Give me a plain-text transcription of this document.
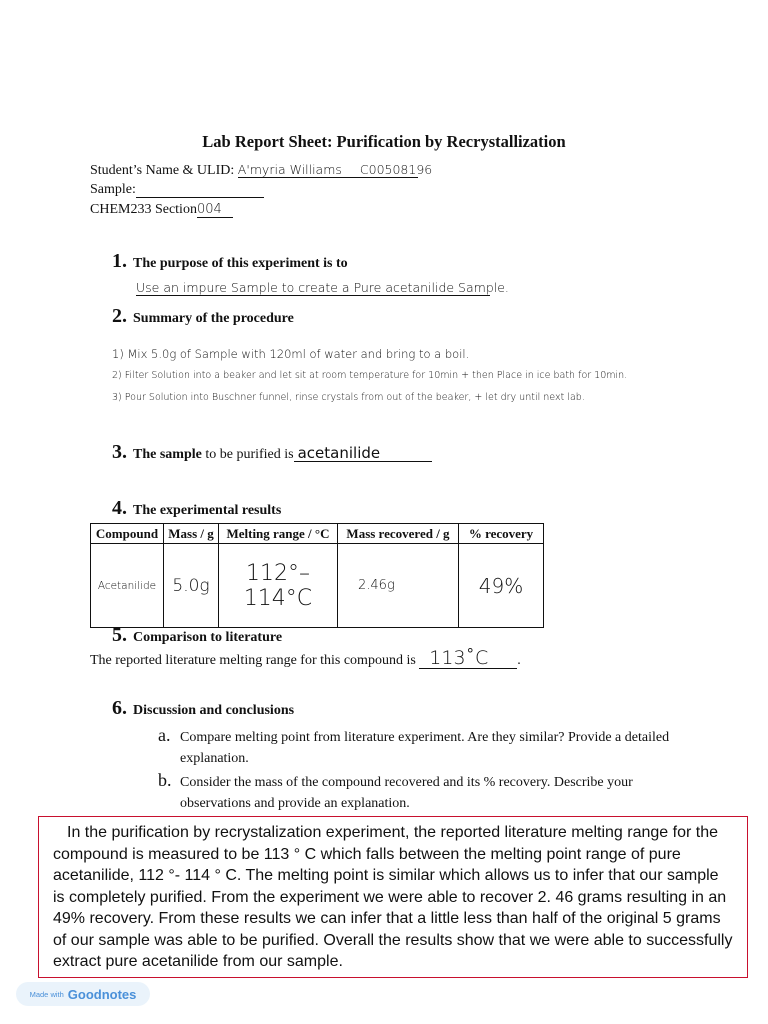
Lab Report Sheet: Purification by Recrystallization
Student’s Name & ULID: A'myria Williams C00508196
Sample:
CHEM233 Section004
1. The purpose of this experiment is to
Use an impure Sample to create a Pure acetanilide Sample.
2. Summary of the procedure
1) Mix 5.0g of Sample with 120ml of water and bring to a boil.
2) Filter Solution into a beaker and let sit at room temperature for 10min + then Place in ice bath for 10min.
3) Pour Solution into Buschner funnel, rinse crystals from out of the beaker, + let dry until next lab.
3. The sample to be purified is acetanilide
4. The experimental results
Compound	Mass / g	Melting range / °C	Mass recovered / g	% recovery
Acetanilide	5.0g	112°–114°C	2.46g	49%
5. Comparison to literature
The reported literature melting range for this compound is 113˚C .
6. Discussion and conclusions
a. Compare melting point from literature experiment. Are they similar? Provide a detailed explanation.
b. Consider the mass of the compound recovered and its % recovery. Describe your observations and provide an explanation.
In the purification by recrystalization experiment, the reported literature melting range for the compound is measured to be 113 ° C which falls between the melting point range of pure acetanilide, 112 °- 114 ° C. The melting point is similar which allows us to infer that our sample is completely purified. From the experiment we were able to recover 2. 46 grams resulting in an 49% recovery. From these results we can infer that a little less than half of the original 5 grams of our sample was able to be purified. Overall the results show that we were able to successfully extract pure acetanilide from our sample.
Made with Goodnotes
